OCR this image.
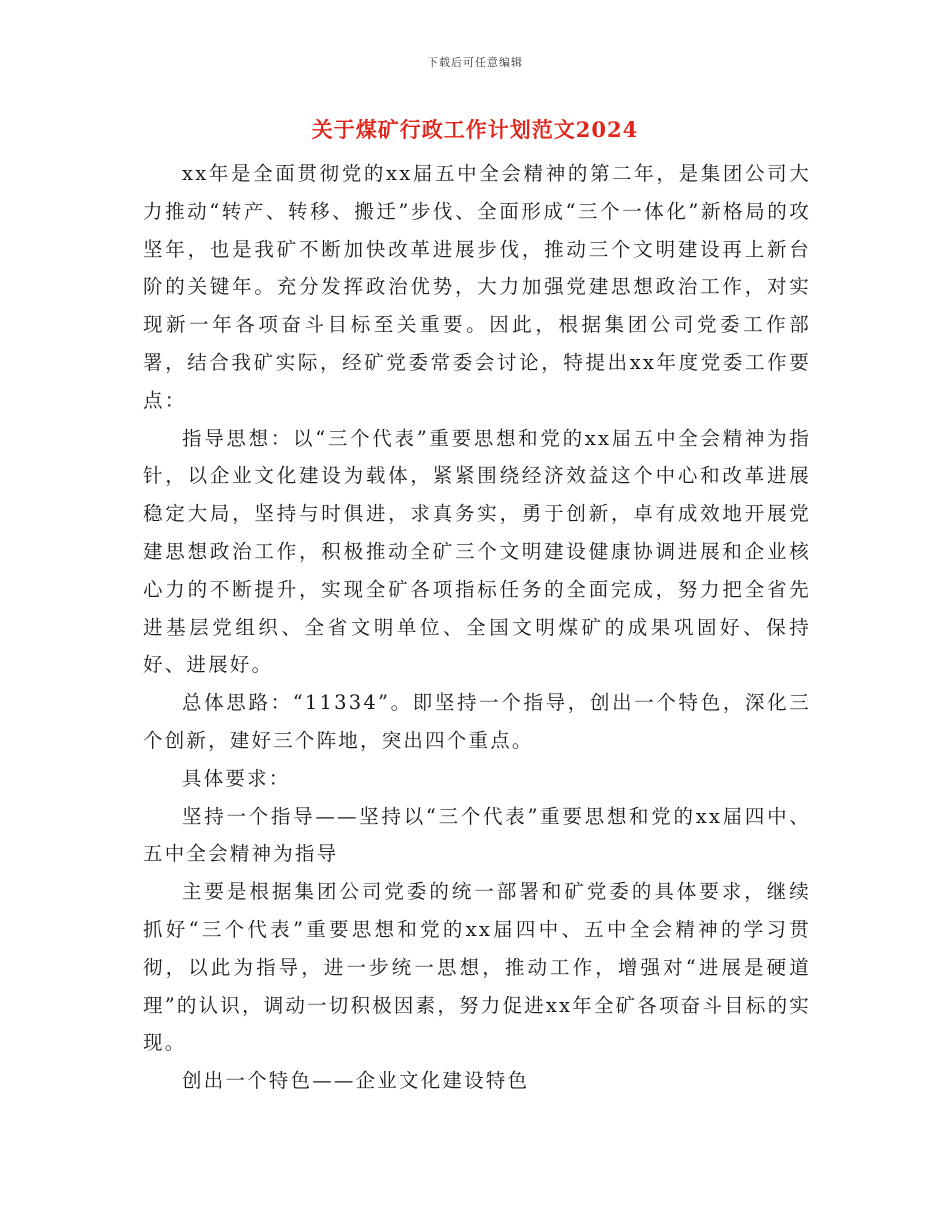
下载后可任意编辑
关于煤矿行政工作计划范文2024

xx年是全面贯彻党的xx届五中全会精神的第二年，是集团公司大力推动“转产、转移、搬迁”步伐、全面形成“三个一体化”新格局的攻坚年，也是我矿不断加快改革进展步伐，推动三个文明建设再上新台阶的关键年。充分发挥政治优势，大力加强党建思想政治工作，对实现新一年各项奋斗目标至关重要。因此，根据集团公司党委工作部署，结合我矿实际，经矿党委常委会讨论，特提出xx年度党委工作要点：

指导思想：以“三个代表”重要思想和党的xx届五中全会精神为指针，以企业文化建设为载体，紧紧围绕经济效益这个中心和改革进展稳定大局，坚持与时俱进，求真务实，勇于创新，卓有成效地开展党建思想政治工作，积极推动全矿三个文明建设健康协调进展和企业核心力的不断提升，实现全矿各项指标任务的全面完成，努力把全省先进基层党组织、全省文明单位、全国文明煤矿的成果巩固好、保持好、进展好。

总体思路：“11334”。即坚持一个指导，创出一个特色，深化三个创新，建好三个阵地，突出四个重点。

具体要求：

坚持一个指导——坚持以“三个代表”重要思想和党的xx届四中、五中全会精神为指导

主要是根据集团公司党委的统一部署和矿党委的具体要求，继续抓好“三个代表”重要思想和党的xx届四中、五中全会精神的学习贯彻，以此为指导，进一步统一思想，推动工作，增强对“进展是硬道理”的认识，调动一切积极因素，努力促进xx年全矿各项奋斗目标的实现。

创出一个特色——企业文化建设特色
